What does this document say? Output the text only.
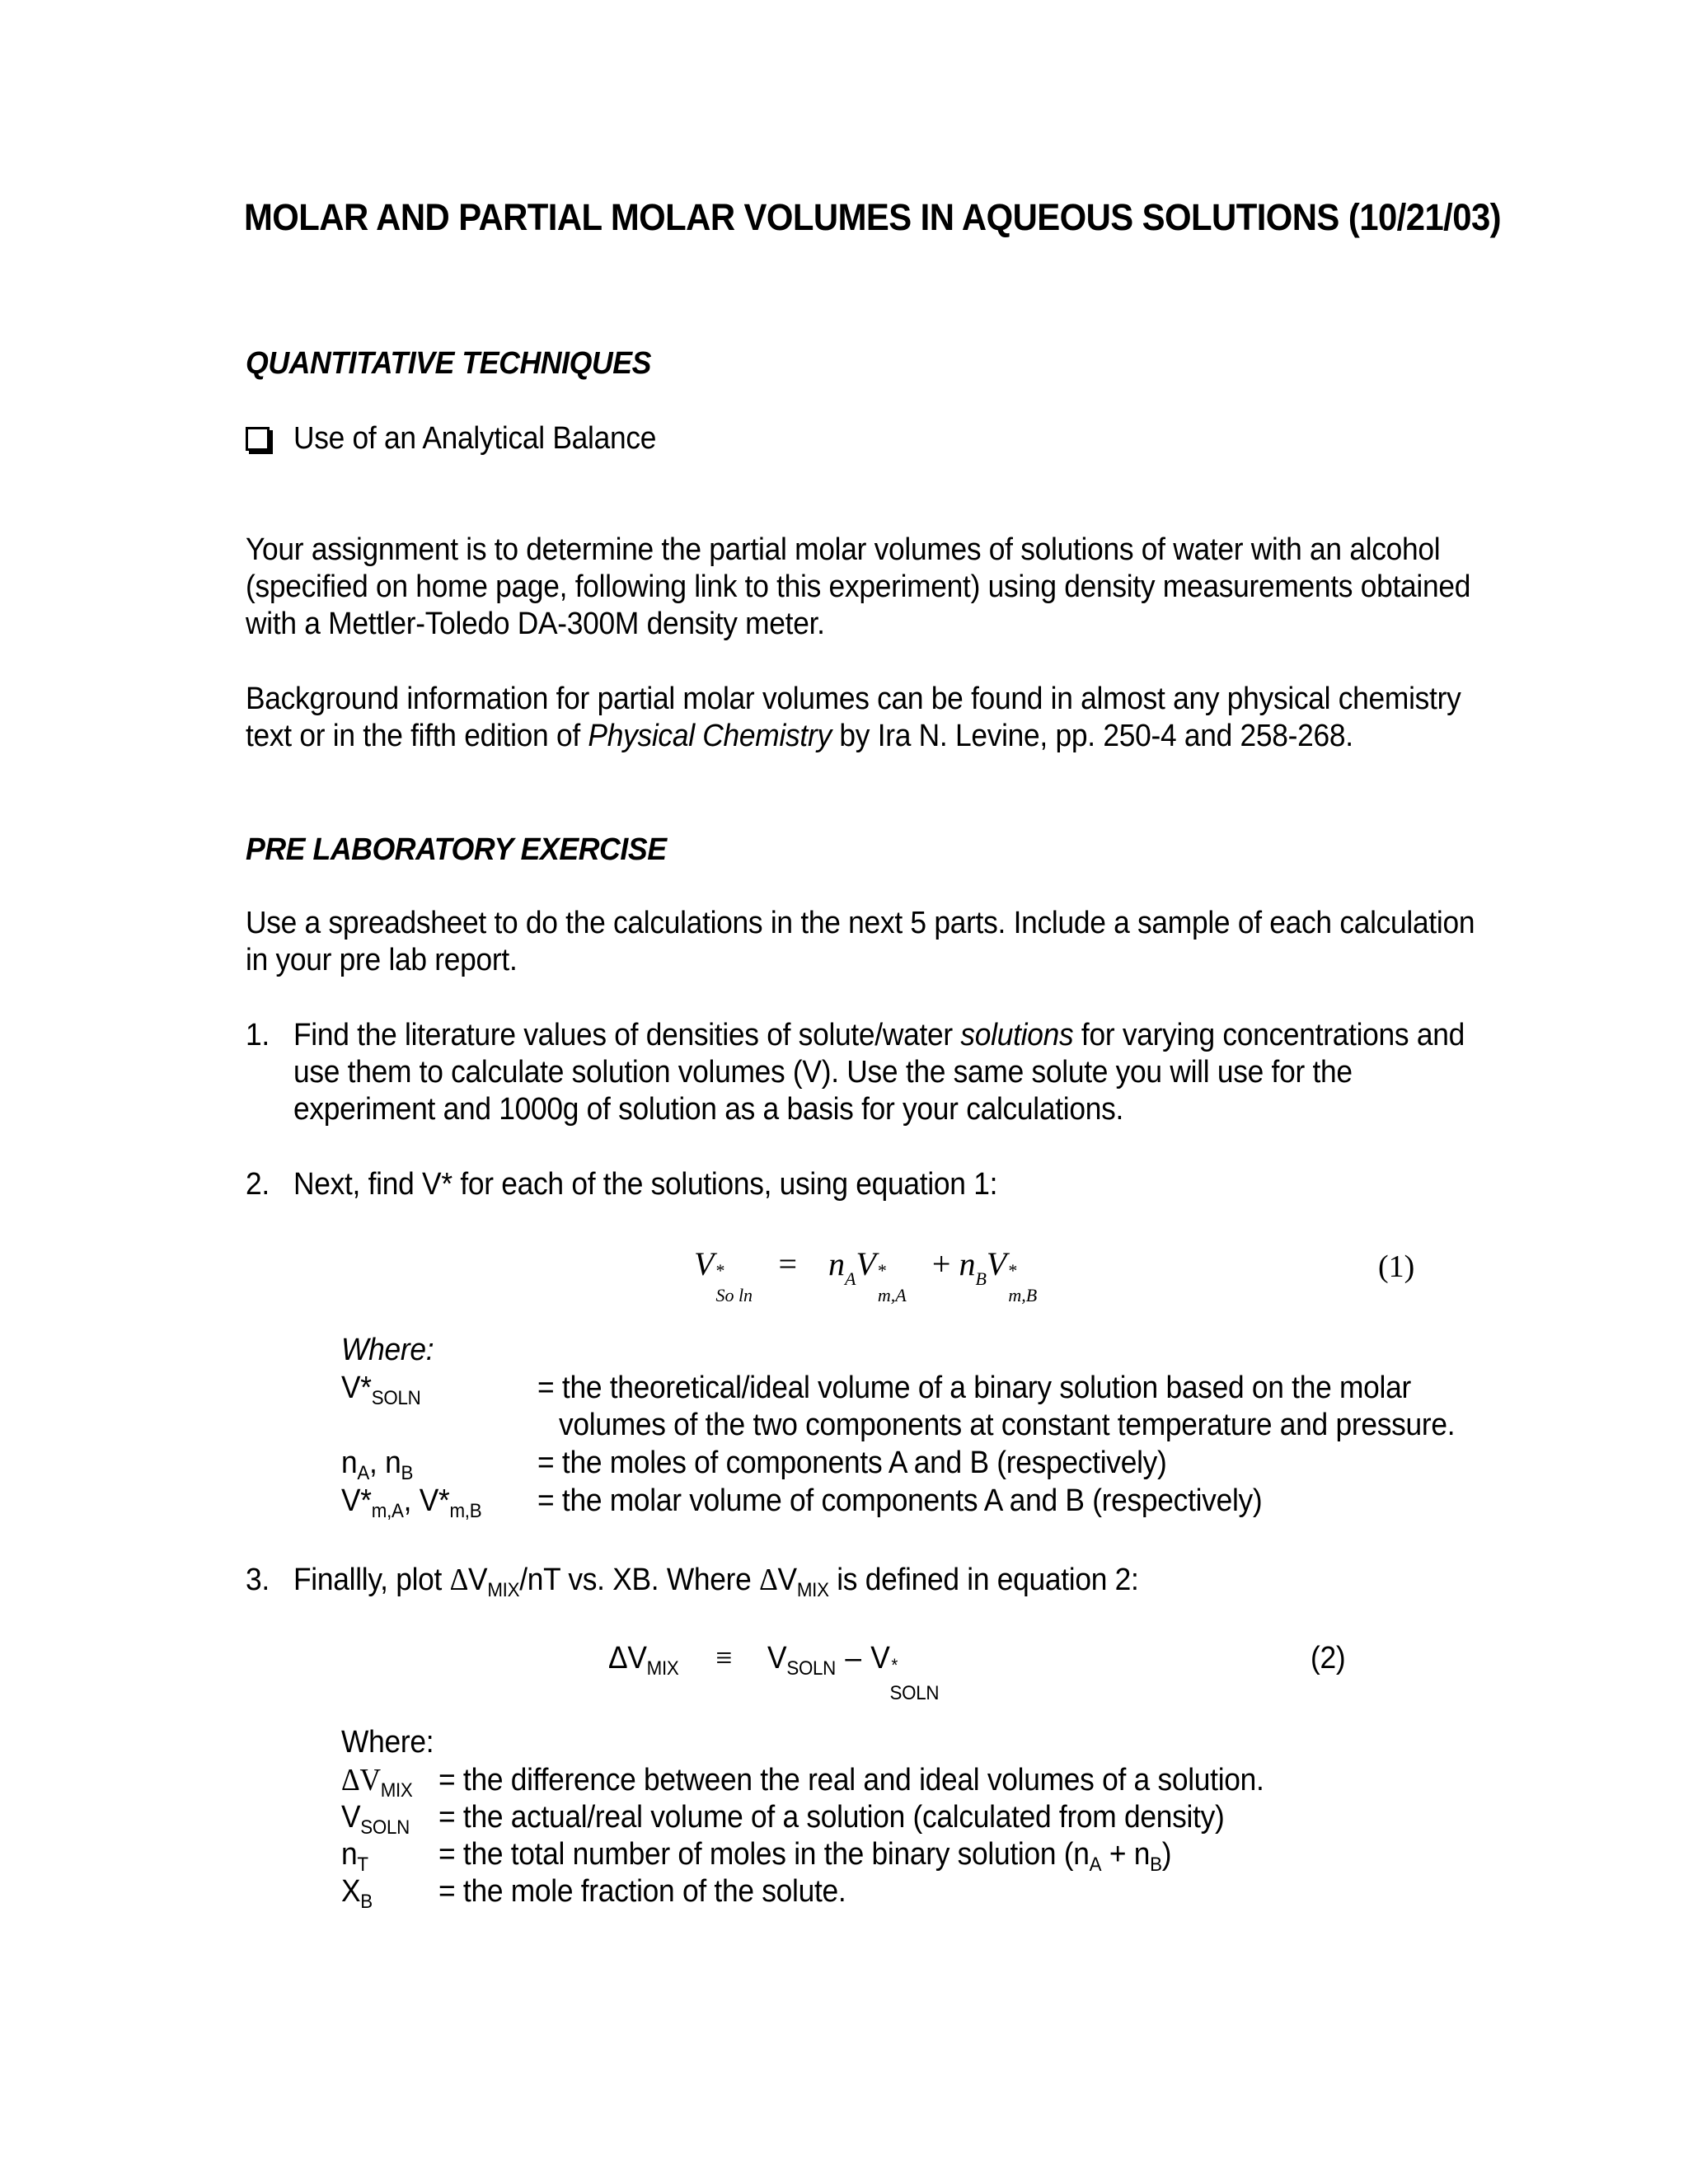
MOLAR AND PARTIAL MOLAR VOLUMES IN AQUEOUS SOLUTIONS (10/21/03)
QUANTITATIVE TECHNIQUES
Use of an Analytical Balance
Your assignment is to determine the partial molar volumes of solutions of water with an alcohol
(specified on home page, following link to this experiment) using density measurements obtained
with a Mettler-Toledo DA-300M density meter.
Background information for partial molar volumes can be found in almost any physical chemistry
text or in the fifth edition of Physical Chemistry by Ira N. Levine, pp. 250-4 and 258-268.
PRE LABORATORY EXERCISE
Use a spreadsheet to do the calculations in the next 5 parts. Include a sample of each calculation
in your pre lab report.
1. Find the literature values of densities of solute/water solutions for varying concentrations and
use them to calculate solution volumes (V). Use the same solute you will use for the
experiment and 1000g of solution as a basis for your calculations.
2. Next, find V* for each of the solutions, using equation 1:
V *
So ln
= $n_AV$ *
m,A
+ $n_BV$ *
m,B
(1)
Where:
$V*_{SOLN}$	= the theoretical/ideal volume of a binary solution based on the molar
volumes of the two components at constant temperature and pressure.
$n_A$, $n_B$	= the moles of components A and B (respectively)
$V*_{m,A}$, $V*_{m,B}$ = the molar volume of components A and B (respectively)
3. Finallly, plot $\Delta V_{MIX}/nT$ vs. XB. Where $\Delta V_{MIX}$ is defined in equation 2:
$\Delta V_{MIX} \equiv V_{SOLN} - V$ *
SOLN
(2)
Where:
$\Delta V_{MIX}$ = the difference between the real and ideal volumes of a solution.
$V_{SOLN}$ = the actual/real volume of a solution (calculated from density)
$n_T$ = the total number of moles in the binary solution $(n_A + n_B)$
$X_B$ = the mole fraction of the solute.
